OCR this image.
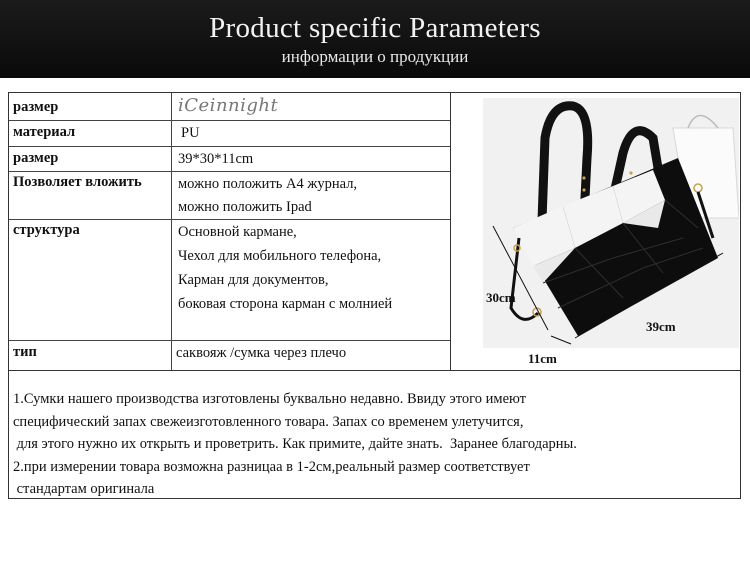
Product specific Parameters
информации о продукции
размер	iCeinnight
материал	PU
размер	39*30*11cm
Позволяет вложить	можно положить A4 журнал,
можно положить Ipad
структура	Основной кармане,
Чехол для мобильного телефона,
Карман для документов,
боковая сторона карман с молнией
тип	саквояж /сумка через плечо
30cm
39cm
11cm
1.Сумки нашего производства изготовлены буквально недавно. Ввиду этого имеют
специфический запах свежеизготовленного товара. Запах со временем улетучится,
для этого нужно их открыть и проветрить. Как примите, дайте знать.  Заранее благодарны.
2.при измерении товара возможна разницаа в 1-2см,реальный размер соответствует
стандартам оригинала
